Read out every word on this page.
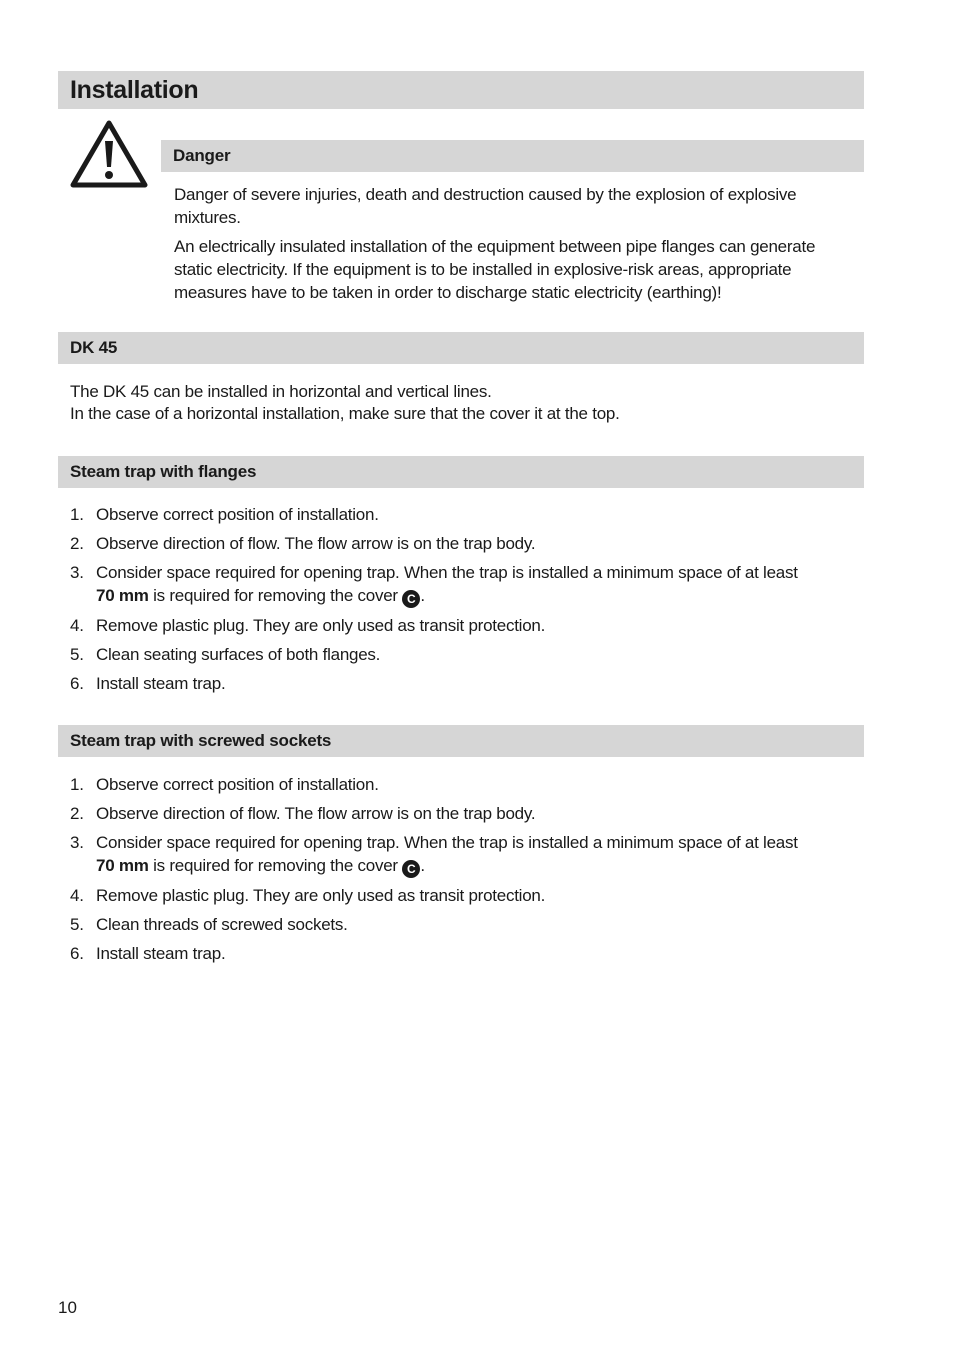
Installation
Danger

Danger of severe injuries, death and destruction caused by the explosion of explosive mixtures.

An electrically insulated installation of the equipment between pipe flanges can generate static electricity. If the equipment is to be installed in explosive-risk areas, appropriate measures have to be taken in order to discharge static electricity (earthing)!

DK 45

The DK 45 can be installed in horizontal and vertical lines.

In the case of a horizontal installation, make sure that the cover it at the top.

Steam trap with flanges
1. Observe correct position of installation.
2. Observe direction of flow. The flow arrow is on the trap body.
3. Consider space required for opening trap. When the trap is installed a minimum space of at least
70 mm is required for removing the cover C .
4. Remove plastic plug. They are only used as transit protection.
5. Clean seating surfaces of both flanges.
6. Install steam trap.
Steam trap with screwed sockets
1. Observe correct position of installation.
2. Observe direction of flow. The flow arrow is on the trap body.
3. Consider space required for opening trap. When the trap is installed a minimum space of at least
70 mm is required for removing the cover C .
4. Remove plastic plug. They are only used as transit protection.
5. Clean threads of screwed sockets.
6. Install steam trap.
10
